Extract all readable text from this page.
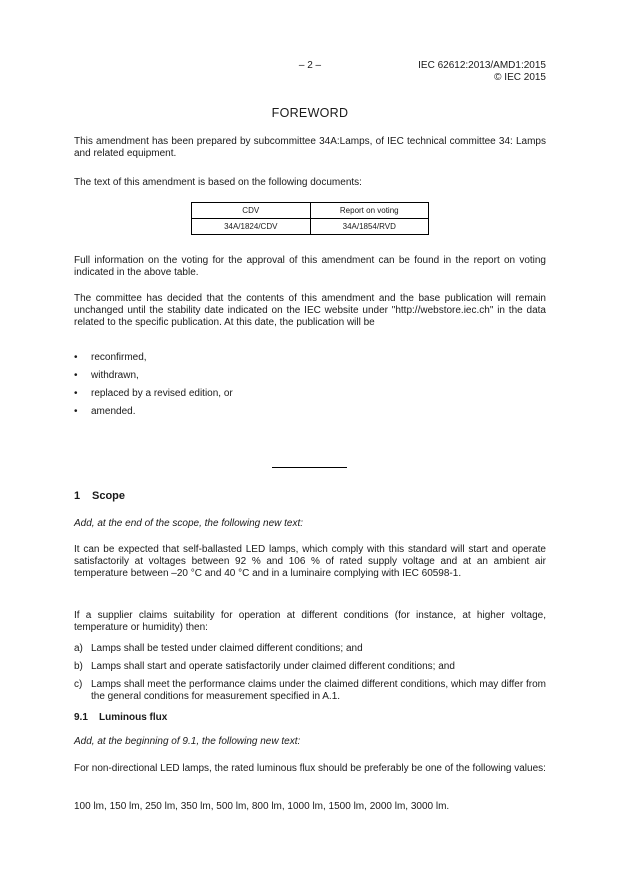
– 2 –	IEC 62612:2013/AMD1:2015
© IEC 2015
FOREWORD
This amendment has been prepared by subcommittee 34A:Lamps, of IEC technical committee 34: Lamps and related equipment.
The text of this amendment is based on the following documents:
CDV	Report on voting
34A/1824/CDV	34A/1854/RVD
Full information on the voting for the approval of this amendment can be found in the report on voting indicated in the above table.
The committee has decided that the contents of this amendment and the base publication will remain unchanged until the stability date indicated on the IEC website under "http://webstore.iec.ch" in the data related to the specific publication. At this date, the publication will be
• reconfirmed,
• withdrawn,
• replaced by a revised edition, or
• amended.
1 Scope
Add, at the end of the scope, the following new text:
It can be expected that self-ballasted LED lamps, which comply with this standard will start and operate satisfactorily at voltages between 92 % and 106 % of rated supply voltage and at an ambient air temperature between –20 °C and 40 °C and in a luminaire complying with IEC 60598-1.
If a supplier claims suitability for operation at different conditions (for instance, at higher voltage, temperature or humidity) then:
a) Lamps shall be tested under claimed different conditions; and
b) Lamps shall start and operate satisfactorily under claimed different conditions; and
c) Lamps shall meet the performance claims under the claimed different conditions, which may differ from the general conditions for measurement specified in A.1.
9.1 Luminous flux
Add, at the beginning of 9.1, the following new text:
For non-directional LED lamps, the rated luminous flux should be preferably be one of the following values:
100 lm, 150 lm, 250 lm, 350 lm, 500 lm, 800 lm, 1000 lm, 1500 lm, 2000 lm, 3000 lm.
